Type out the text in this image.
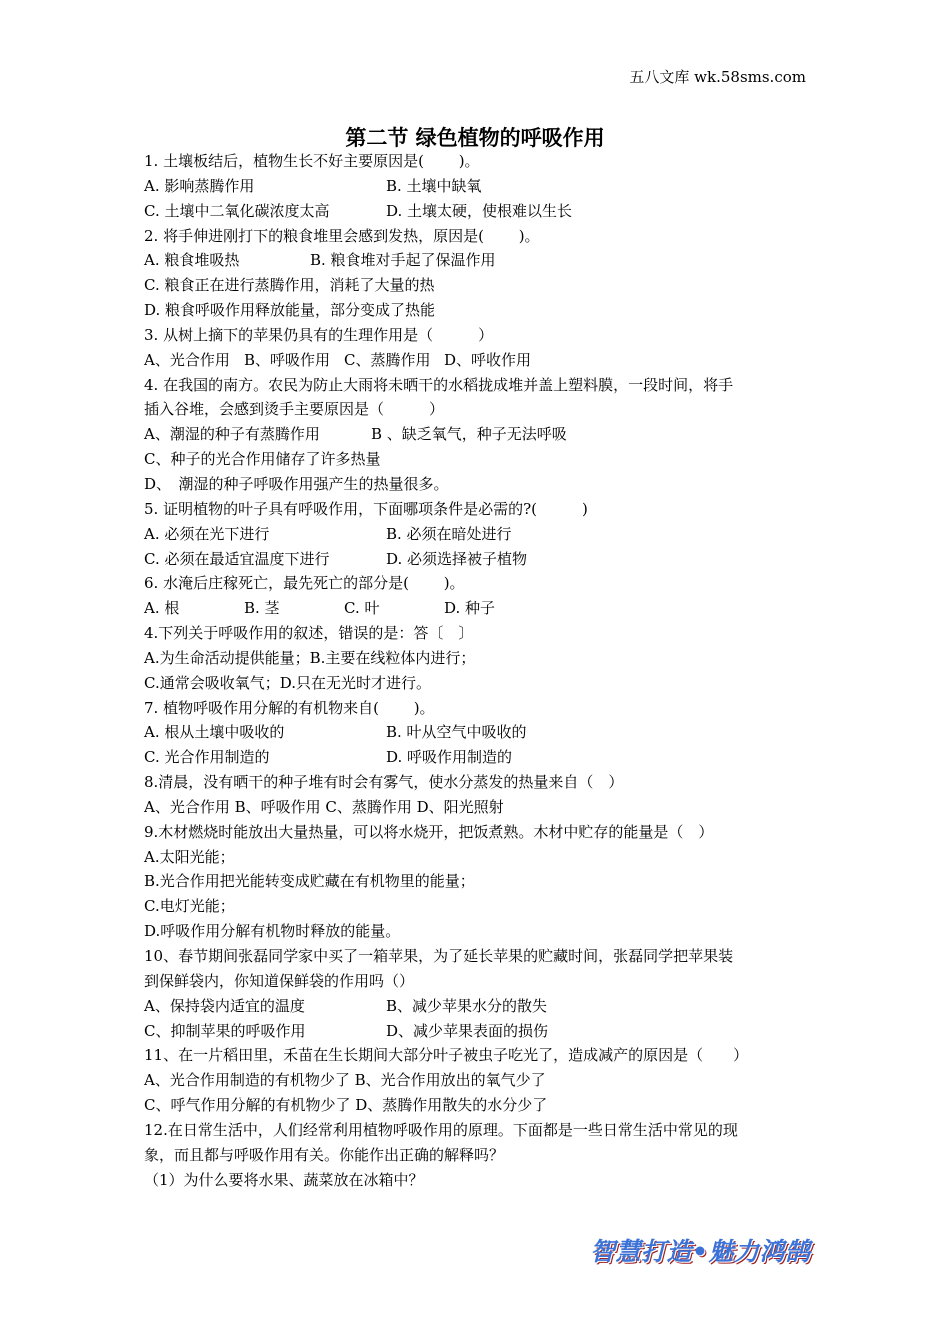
五八文库 wk.58sms.com
第二节 绿色植物的呼吸作用
1. 土壤板结后，植物生长不好主要原因是(　　 )。
A. 影响蒸腾作用	B. 土壤中缺氧
C. 土壤中二氧化碳浓度太高	D. 土壤太硬，使根难以生长
2. 将手伸进刚打下的粮食堆里会感到发热，原因是(　　 )。
A. 粮食堆吸热	B. 粮食堆对手起了保温作用
C. 粮食正在进行蒸腾作用，消耗了大量的热
D. 粮食呼吸作用释放能量，部分变成了热能
3. 从树上摘下的苹果仍具有的生理作用是（　　　）
A、光合作用 B、呼吸作用 C、蒸腾作用 D、呼收作用
4. 在我国的南方。农民为防止大雨将未晒干的水稻拢成堆并盖上塑料膜，一段时间，将手
插入谷堆，会感到烫手主要原因是（　　　）
A、潮湿的种子有蒸腾作用	B 、缺乏氧气，种子无法呼吸
C、种子的光合作用储存了许多热量
D、　潮湿的种子呼吸作用强产生的热量很多。
5. 证明植物的叶子具有呼吸作用，下面哪项条件是必需的?(　　　)
A. 必须在光下进行	B. 必须在暗处进行
C. 必须在最适宜温度下进行	D. 必须选择被子植物
6. 水淹后庄稼死亡，最先死亡的部分是(　　 )。
A. 根	B. 茎	C. 叶	D. 种子
4.下列关于呼吸作用的叙述，错误的是：答〔　〕
A.为生命活动提供能量；B.主要在线粒体内进行；
C.通常会吸收氧气；D.只在无光时才进行。
7. 植物呼吸作用分解的有机物来自(　　 )。
A. 根从土壤中吸收的	B. 叶从空气中吸收的
C. 光合作用制造的	D. 呼吸作用制造的
8.清晨，没有晒干的种子堆有时会有雾气，使水分蒸发的热量来自（　）
A、光合作用 B、呼吸作用 C、蒸腾作用 D、阳光照射
9.木材燃烧时能放出大量热量，可以将水烧开，把饭煮熟。木材中贮存的能量是（　）
A.太阳光能；
B.光合作用把光能转变成贮藏在有机物里的能量；
C.电灯光能；
D.呼吸作用分解有机物时释放的能量。
10、春节期间张磊同学家中买了一箱苹果，为了延长苹果的贮藏时间，张磊同学把苹果装
到保鲜袋内，你知道保鲜袋的作用吗（）
A、保持袋内适宜的温度	B、减少苹果水分的散失
C、抑制苹果的呼吸作用	D、减少苹果表面的损伤
11、在一片稻田里，禾苗在生长期间大部分叶子被虫子吃光了，造成减产的原因是（　　）
A、光合作用制造的有机物少了 B、光合作用放出的氧气少了
C、呼气作用分解的有机物少了 D、蒸腾作用散失的水分少了
12.在日常生活中，人们经常利用植物呼吸作用的原理。下面都是一些日常生活中常见的现
象，而且都与呼吸作用有关。你能作出正确的解释吗？
（1）为什么要将水果、蔬菜放在冰箱中？
智慧打造•魅力鸿鹄
